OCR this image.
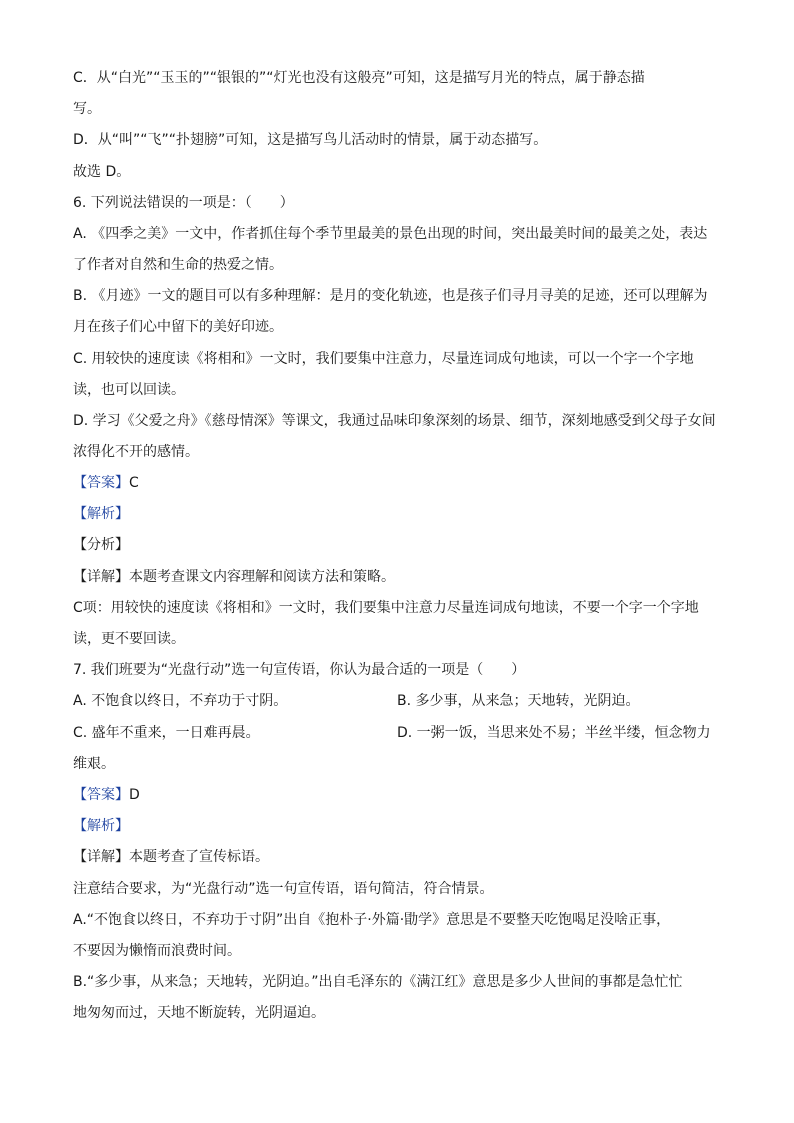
C．从“白光”“玉玉的”“银银的”“灯光也没有这般亮”可知，这是描写月光的特点，属于静态描
写。
D．从“叫”“飞”“扑翅膀”可知，这是描写鸟儿活动时的情景，属于动态描写。
故选 D。
6. 下列说法错误的一项是：（　　）
A. 《四季之美》一文中，作者抓住每个季节里最美的景色出现的时间，突出最美时间的最美之处，表达
了作者对自然和生命的热爱之情。
B. 《月迹》一文的题目可以有多种理解：是月的变化轨迹，也是孩子们寻月寻美的足迹，还可以理解为
月在孩子们心中留下的美好印迹。
C. 用较快的速度读《将相和》一文时，我们要集中注意力，尽量连词成句地读，可以一个字一个字地
读，也可以回读。
D. 学习《父爱之舟》《慈母情深》等课文，我通过品味印象深刻的场景、细节，深刻地感受到父母子女间
浓得化不开的感情。
【答案】C
【解析】
【分析】
【详解】本题考查课文内容理解和阅读方法和策略。
C项：用较快的速度读《将相和》一文时，我们要集中注意力尽量连词成句地读，不要一个字一个字地
读，更不要回读。
7. 我们班要为“光盘行动”选一句宣传语，你认为最合适的一项是（　　）
A. 不饱食以终日，不弃功于寸阴。	B. 多少事，从来急；天地转，光阴迫。
C. 盛年不重来，一日难再晨。	D. 一粥一饭，当思来处不易；半丝半缕，恒念物力
维艰。
【答案】D
【解析】
【详解】本题考查了宣传标语。
注意结合要求，为“光盘行动”选一句宣传语，语句简洁，符合情景。
A.“不饱食以终日，不弃功于寸阴”出自《抱朴子·外篇·勖学》意思是不要整天吃饱喝足没啥正事，
不要因为懒惰而浪费时间。
B.“多少事，从来急；天地转，光阴迫。”出自毛泽东的《满江红》意思是多少人世间的事都是急忙忙
地匆匆而过，天地不断旋转，光阴逼迫。
